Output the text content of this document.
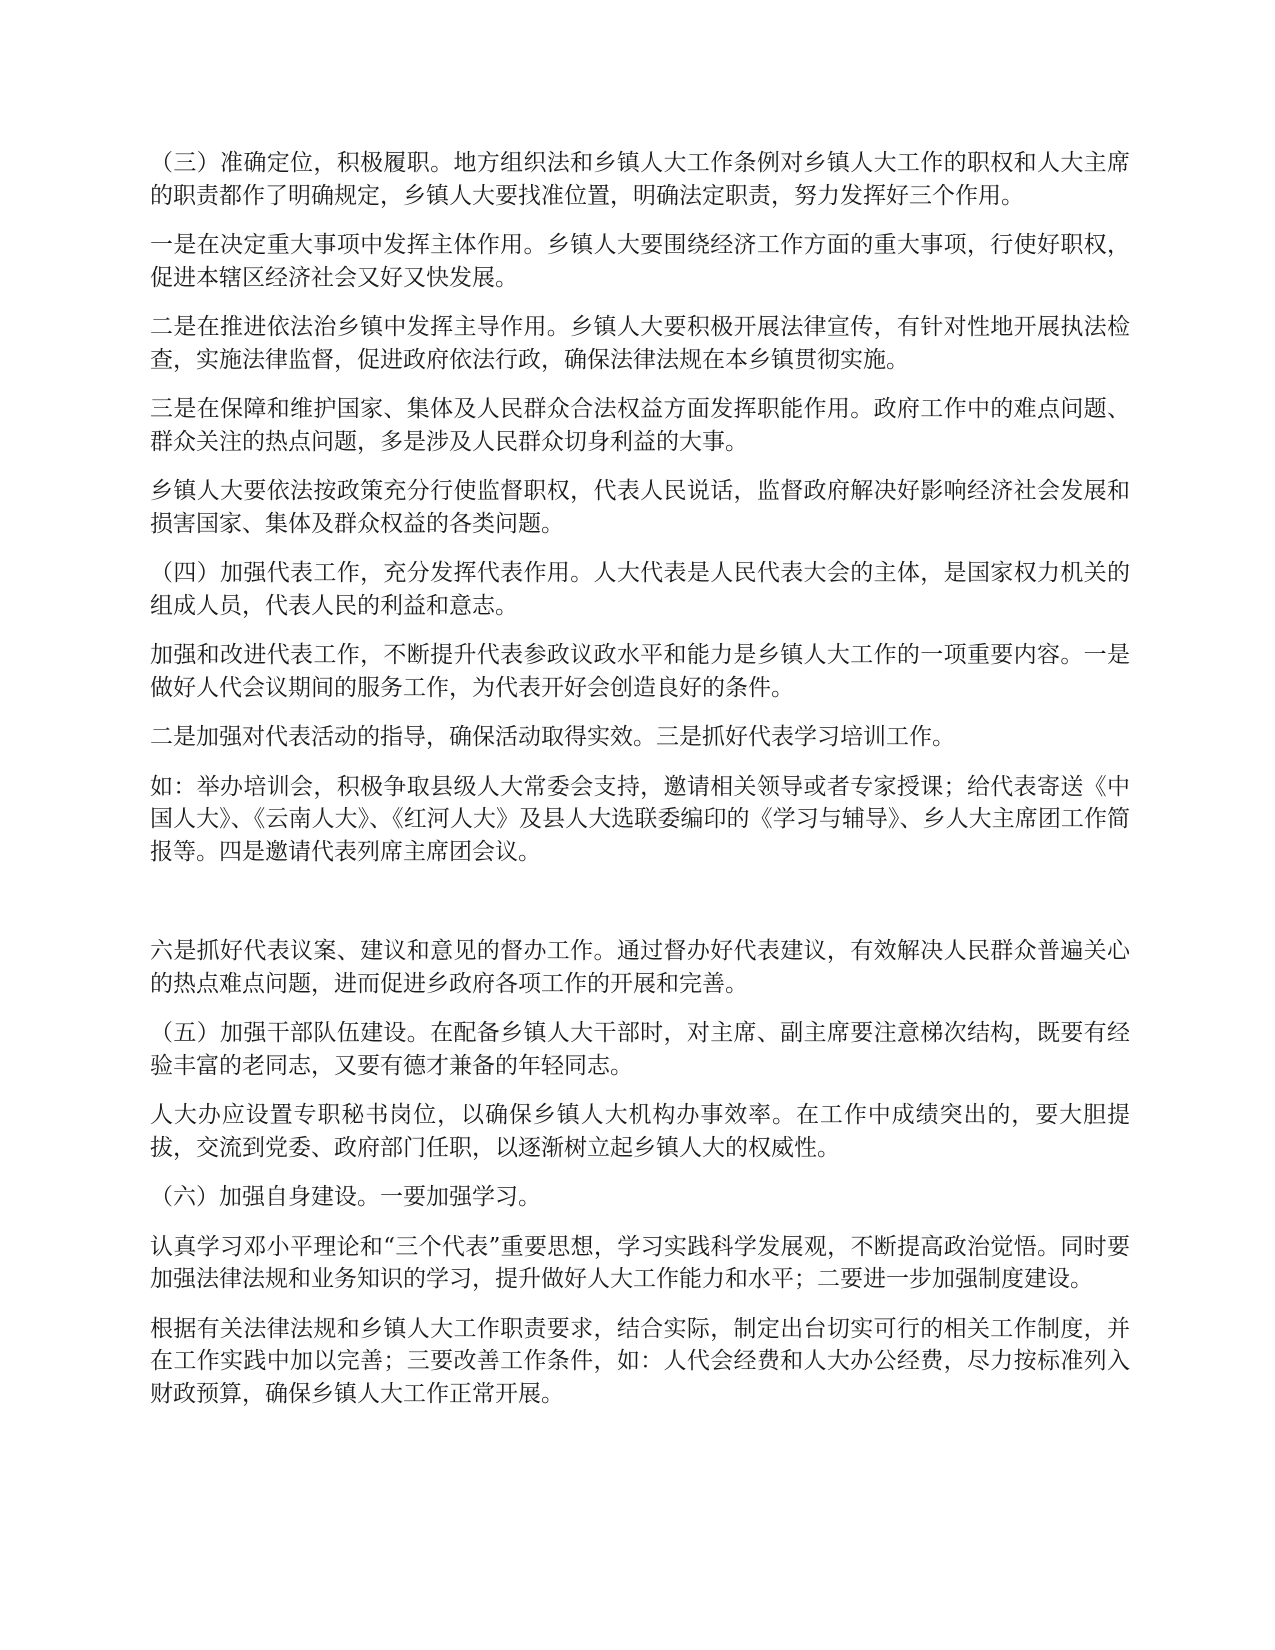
（三）准确定位，积极履职。地方组织法和乡镇人大工作条例对乡镇人大工作的职权和人大主席的职责都作了明确规定，乡镇人大要找准位置，明确法定职责，努力发挥好三个作用。

一是在决定重大事项中发挥主体作用。乡镇人大要围绕经济工作方面的重大事项，行使好职权，促进本辖区经济社会又好又快发展。

二是在推进依法治乡镇中发挥主导作用。乡镇人大要积极开展法律宣传，有针对性地开展执法检查，实施法律监督，促进政府依法行政，确保法律法规在本乡镇贯彻实施。

三是在保障和维护国家、集体及人民群众合法权益方面发挥职能作用。政府工作中的难点问题、群众关注的热点问题，多是涉及人民群众切身利益的大事。

乡镇人大要依法按政策充分行使监督职权，代表人民说话，监督政府解决好影响经济社会发展和损害国家、集体及群众权益的各类问题。

（四）加强代表工作，充分发挥代表作用。人大代表是人民代表大会的主体，是国家权力机关的组成人员，代表人民的利益和意志。

加强和改进代表工作，不断提升代表参政议政水平和能力是乡镇人大工作的一项重要内容。一是做好人代会议期间的服务工作，为代表开好会创造良好的条件。

二是加强对代表活动的指导，确保活动取得实效。三是抓好代表学习培训工作。

如：举办培训会，积极争取县级人大常委会支持，邀请相关领导或者专家授课；给代表寄送《中国人大》、《云南人大》、《红河人大》及县人大选联委编印的《学习与辅导》、乡人大主席团工作简报等。四是邀请代表列席主席团会议。

六是抓好代表议案、建议和意见的督办工作。通过督办好代表建议，有效解决人民群众普遍关心的热点难点问题，进而促进乡政府各项工作的开展和完善。

（五）加强干部队伍建设。在配备乡镇人大干部时，对主席、副主席要注意梯次结构，既要有经验丰富的老同志，又要有德才兼备的年轻同志。

人大办应设置专职秘书岗位，以确保乡镇人大机构办事效率。在工作中成绩突出的，要大胆提拔，交流到党委、政府部门任职，以逐渐树立起乡镇人大的权威性。

（六）加强自身建设。一要加强学习。

认真学习邓小平理论和“三个代表”重要思想，学习实践科学发展观，不断提高政治觉悟。同时要加强法律法规和业务知识的学习，提升做好人大工作能力和水平；二要进一步加强制度建设。

根据有关法律法规和乡镇人大工作职责要求，结合实际，制定出台切实可行的相关工作制度，并在工作实践中加以完善；三要改善工作条件，如：人代会经费和人大办公经费，尽力按标准列入财政预算，确保乡镇人大工作正常开展。
